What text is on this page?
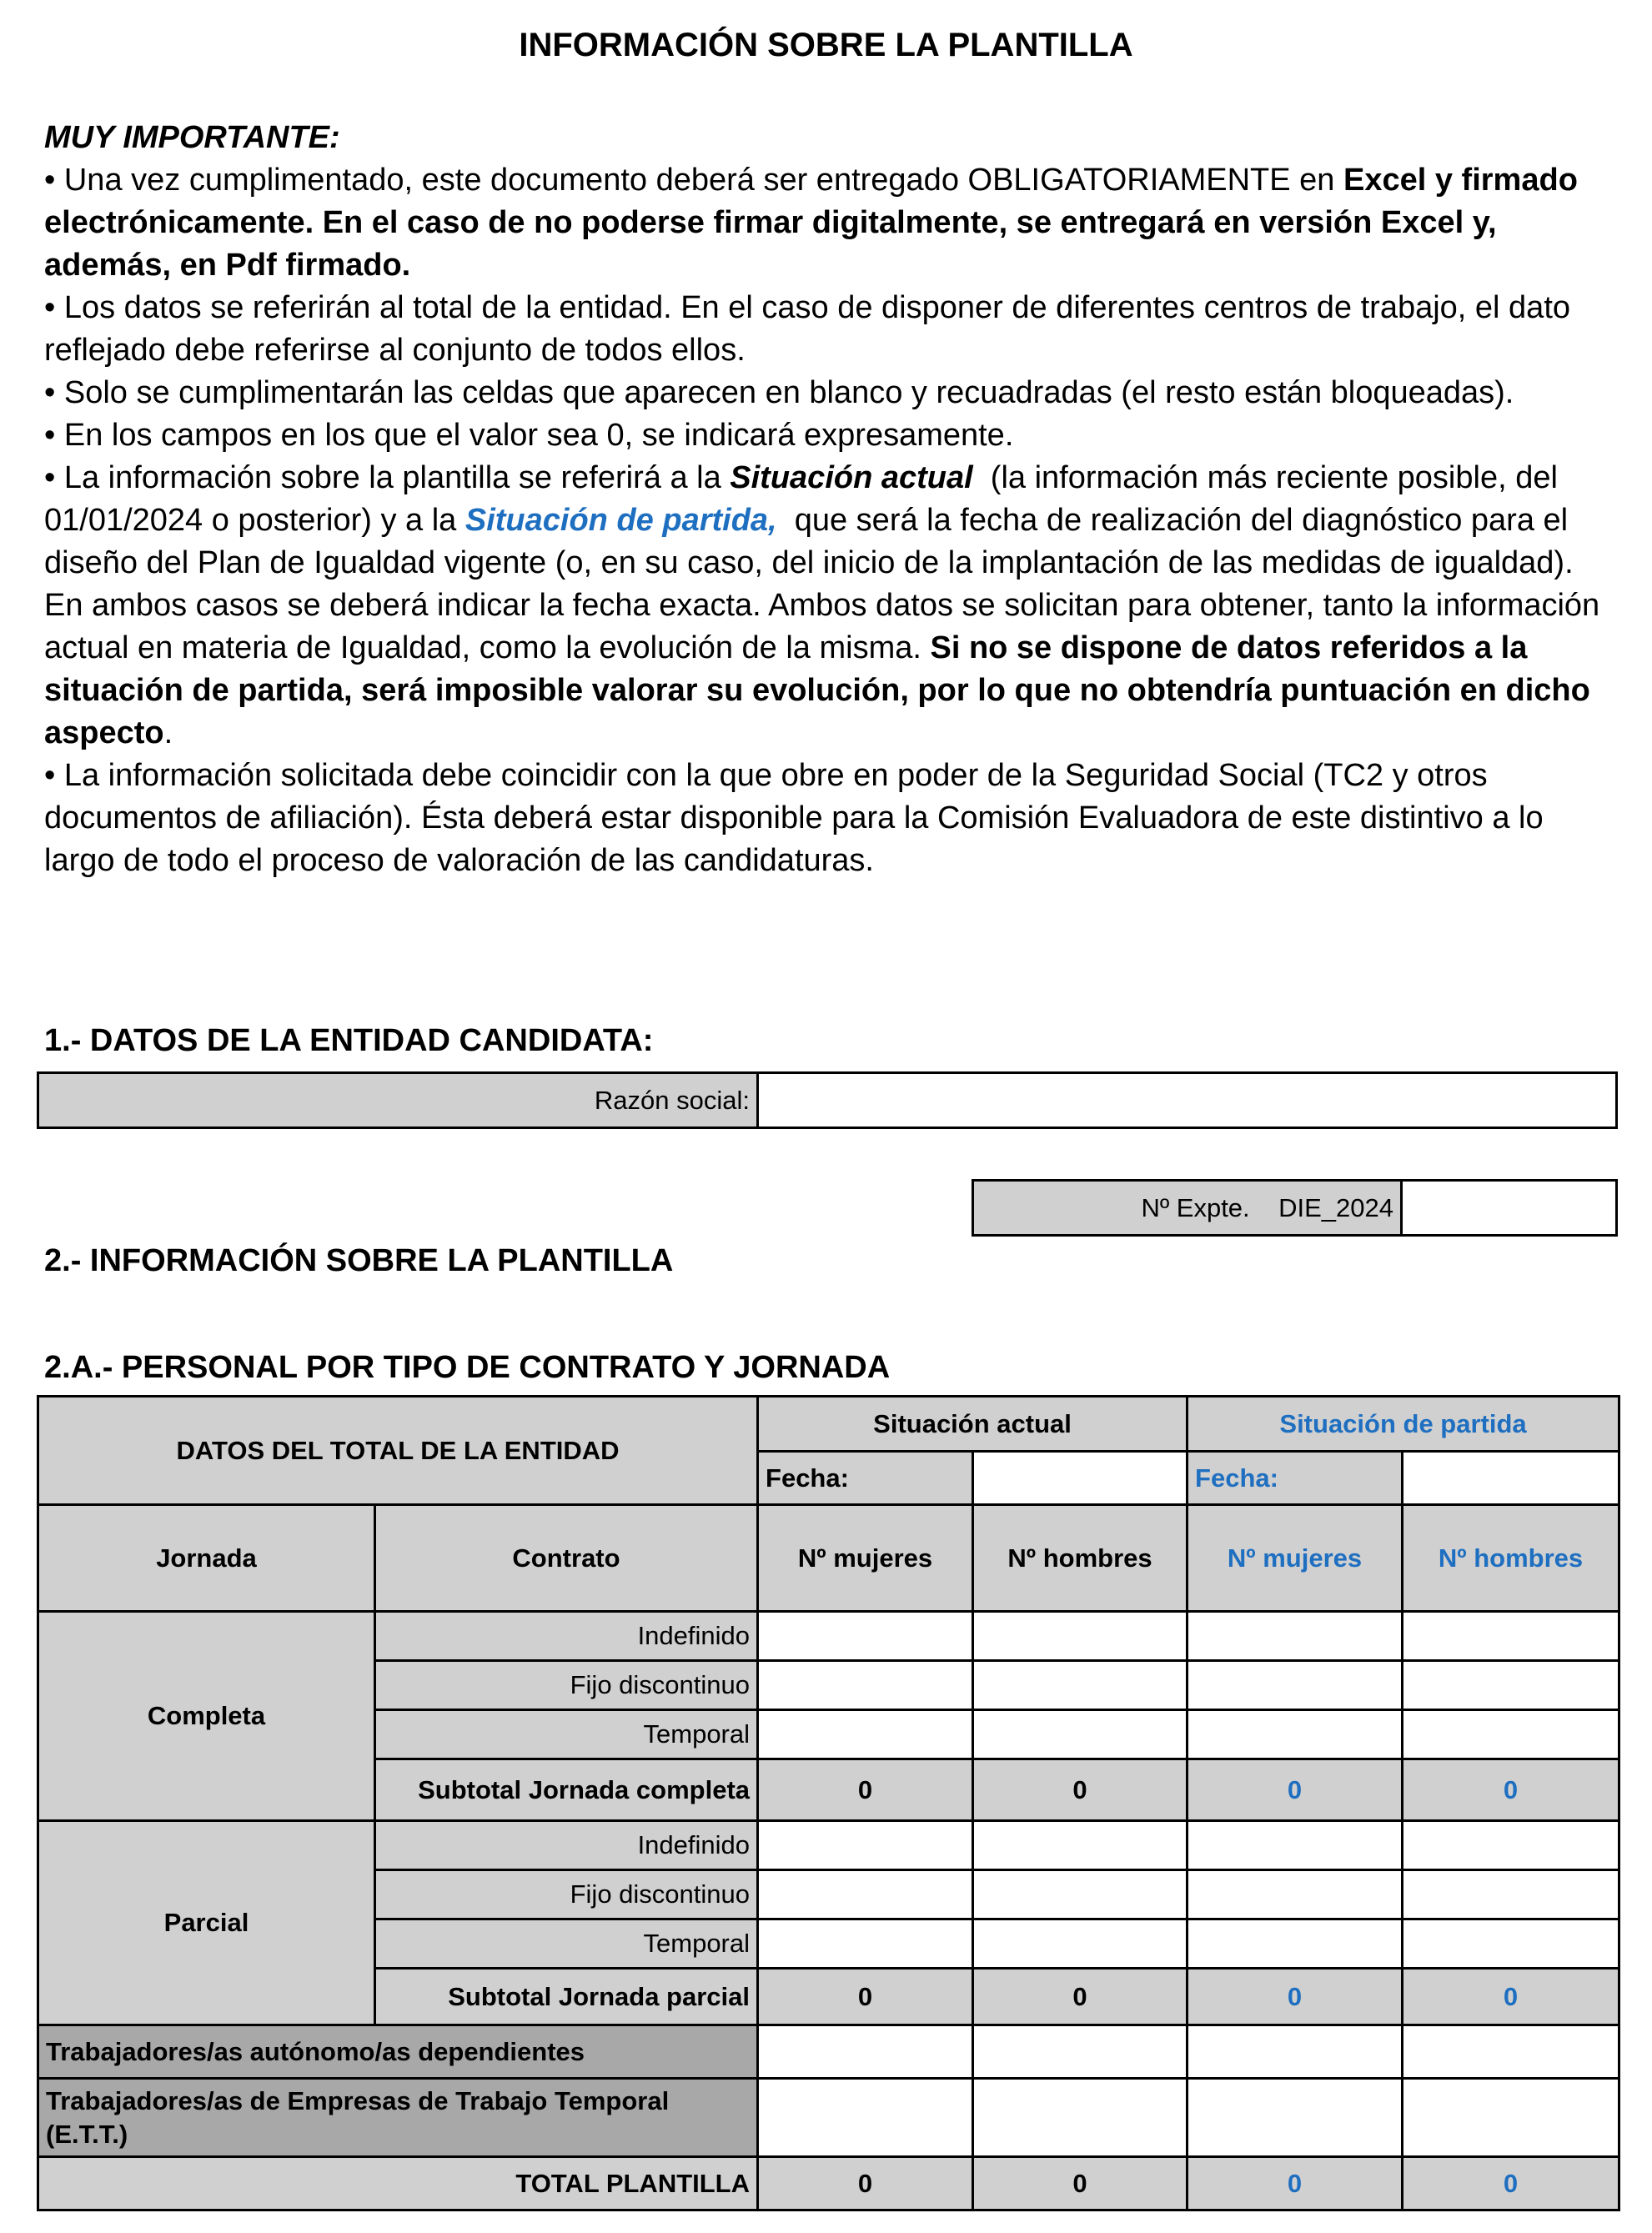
INFORMACIÓN SOBRE LA PLANTILLA

MUY IMPORTANTE:

• Una vez cumplimentado, este documento deberá ser entregado OBLIGATORIAMENTE en Excel y firmado electrónicamente. En el caso de no poderse firmar digitalmente, se entregará en versión Excel y, además, en Pdf firmado.

• Los datos se referirán al total de la entidad. En el caso de disponer de diferentes centros de trabajo, el dato reflejado debe referirse al conjunto de todos ellos.

• Solo se cumplimentarán las celdas que aparecen en blanco y recuadradas (el resto están bloqueadas).

• En los campos en los que el valor sea 0, se indicará expresamente.

• La información sobre la plantilla se referirá a la Situación actual  (la información más reciente posible, del 01/01/2024 o posterior) y a la Situación de partida,  que será la fecha de realización del diagnóstico para el diseño del Plan de Igualdad vigente (o, en su caso, del inicio de la implantación de las medidas de igualdad). En ambos casos se deberá indicar la fecha exacta. Ambos datos se solicitan para obtener, tanto la información actual en materia de Igualdad, como la evolución de la misma. Si no se dispone de datos referidos a la situación de partida, será imposible valorar su evolución, por lo que no obtendría puntuación en dicho aspecto.

• La información solicitada debe coincidir con la que obre en poder de la Seguridad Social (TC2 y otros documentos de afiliación). Ésta deberá estar disponible para la Comisión Evaluadora de este distintivo a lo largo de todo el proceso de valoración de las candidaturas.

1.- DATOS DE LA ENTIDAD CANDIDATA:
Razón social:	
Nº Expte.    DIE_2024	
2.- INFORMACIÓN SOBRE LA PLANTILLA
2.A.- PERSONAL POR TIPO DE CONTRATO Y JORNADA
DATOS DEL TOTAL DE LA ENTIDAD		Situación actual		Situación de partida	
		Fecha:		Fecha:	
Jornada	Contrato	Nº mujeres	Nº hombres	Nº mujeres	Nº hombres
Completa	Indefinido				
	Fijo discontinuo				
	Temporal				
	Subtotal Jornada completa	0	0	0	0
Parcial	Indefinido				
	Fijo discontinuo				
	Temporal				
	Subtotal Jornada parcial	0	0	0	0
Trabajadores/as autónomo/as dependientes					
Trabajadores/as de Empresas de Trabajo Temporal (E.T.T.)					
TOTAL PLANTILLA		0	0	0	0
